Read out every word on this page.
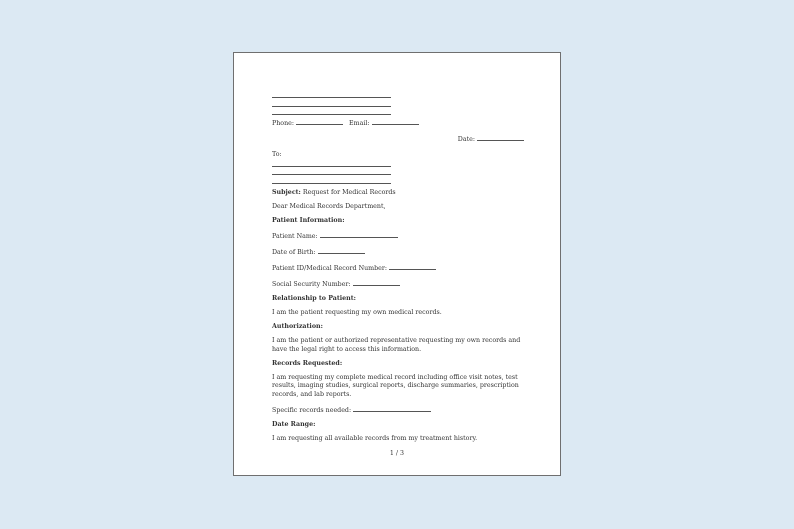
Phone:	Email:
Date:
To:
Subject: Request for Medical Records

Dear Medical Records Department,

Patient Information:

Patient Name:
Date of Birth:
Patient ID/Medical Record Number:
Social Security Number:

Relationship to Patient:

I am the patient requesting my own medical records.

Authorization:

I am the patient or authorized representative requesting my own records and have the legal right to access this information.

Records Requested:

I am requesting my complete medical record including office visit notes, test results, imaging studies, surgical reports, discharge summaries, prescription records, and lab reports.

Specific records needed:

Date Range:

I am requesting all available records from my treatment history.

1 / 3
